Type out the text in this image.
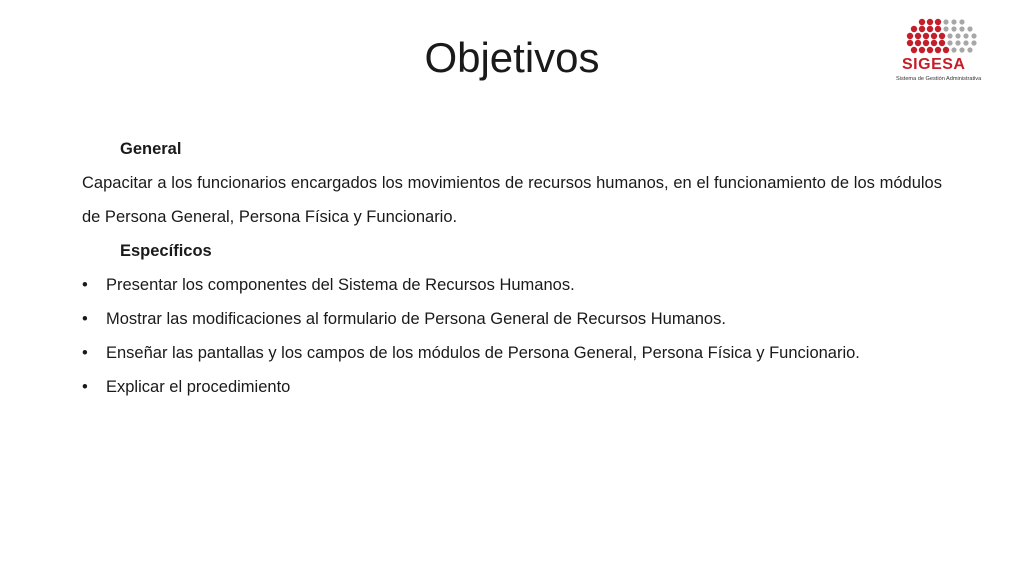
Objetivos	SIGESA
Sistema de Gestión Administrativa

General

Capacitar a los funcionarios encargados los movimientos de recursos humanos, en el funcionamiento de los módulos de Persona General, Persona Física y Funcionario.

Específicos

•	Presentar los componentes del Sistema de Recursos Humanos.
•	Mostrar las modificaciones al formulario de Persona General de Recursos Humanos.
•	Enseñar las pantallas y los campos de los módulos de Persona General, Persona Física y Funcionario.
•	Explicar el procedimiento
